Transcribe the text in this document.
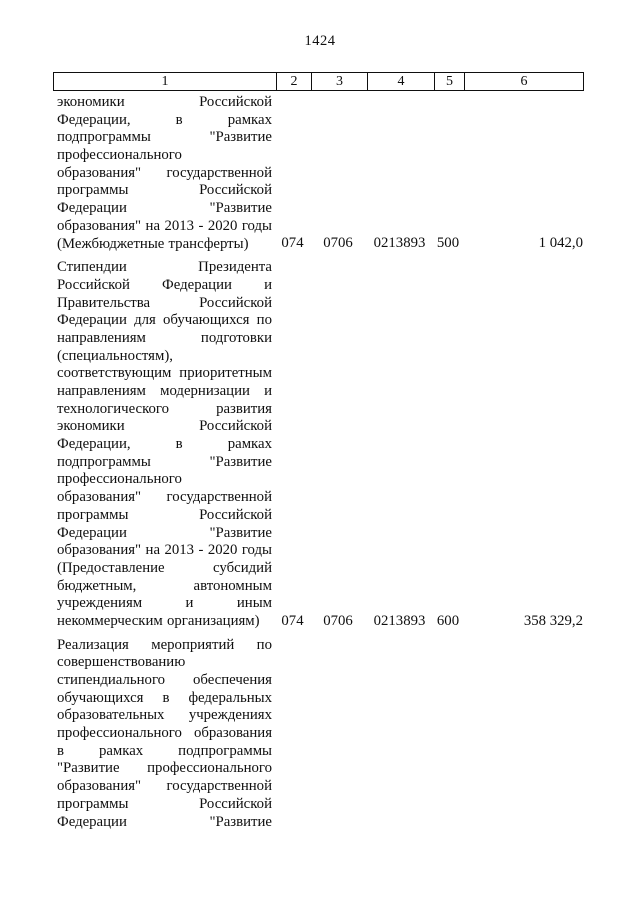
1424
1	2	3	4	5	6
экономики Российской
Федерации, в рамках
подпрограммы "Развитие
профессионального
образования" государственной
программы Российской
Федерации "Развитие
образования" на 2013 - 2020 годы
(Межбюджетные трансферты)	074	0706	0213893 500	1 042,0
Стипендии Президента
Российской Федерации и
Правительства Российской
Федерации для обучающихся по
направлениям подготовки
(специальностям),
соответствующим приоритетным
направлениям модернизации и
технологического развития
экономики Российской
Федерации, в рамках
подпрограммы "Развитие
профессионального
образования" государственной
программы Российской
Федерации "Развитие
образования" на 2013 - 2020 годы
(Предоставление субсидий
бюджетным, автономным
учреждениям и иным
некоммерческим организациям)	074	0706	0213893 600	358 329,2
Реализация мероприятий по
совершенствованию
стипендиального обеспечения
обучающихся в федеральных
образовательных учреждениях
профессионального образования
в рамках подпрограммы
"Развитие профессионального
образования" государственной
программы Российской
Федерации "Развитие
